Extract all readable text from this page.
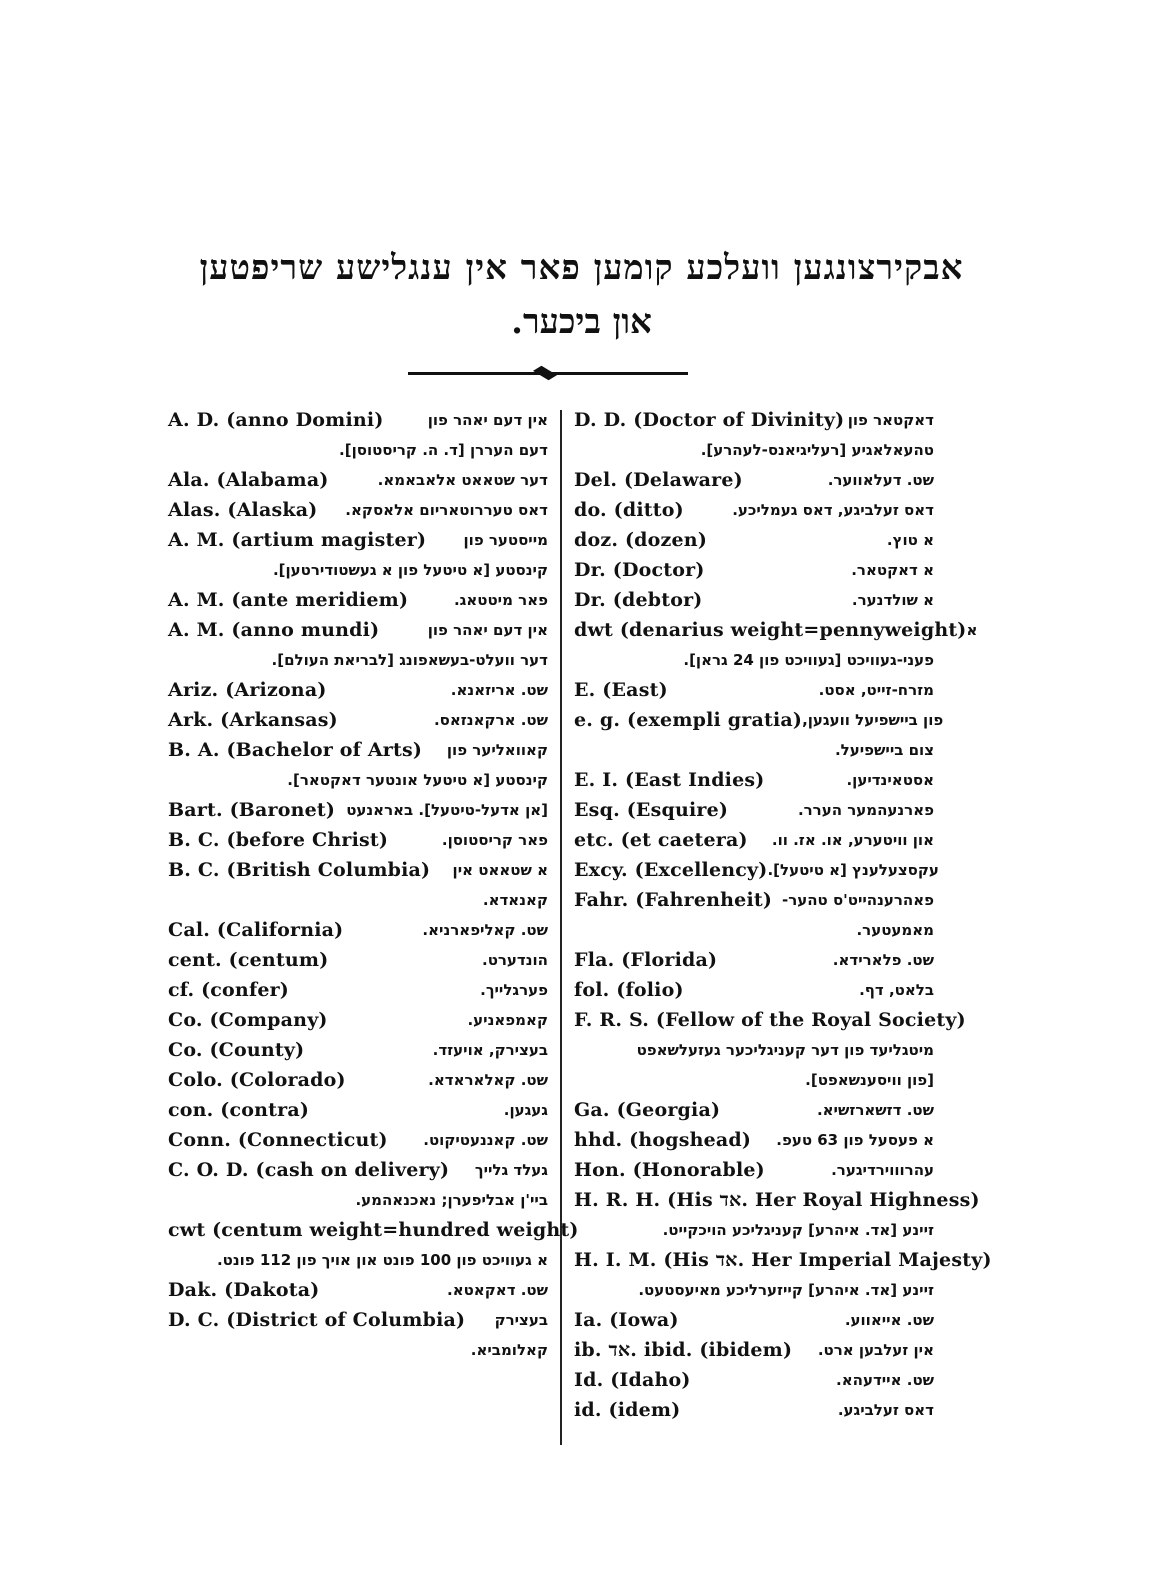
אבקירצונגען וועלכע קומען פאר אין ענגלישע שריפטען
און ביכער.
A. D. (anno Domini)	אין דעם יאהר פון
דעם העררן [ד. ה. קריסטוסן].
Ala. (Alabama)	דער שטאאט אלאבאמא.
Alas. (Alaska) דאס טעררוטאריום אלאסקא.
A. M. (artium magister) מייסטער פון
קינסטע [א טיטעל פון א געשטודירטען].
A. M. (ante meridiem)	פאר מיטטאג.
A. M. (anno mundi)	אין דעם יאהר פון
דער וועלט-בעשאפונג [לבריאת העולם].
Ariz. (Arizona)	שט. אריזאנא.
Ark. (Arkansas)	שט. ארקאנזאס.
B. A. (Bachelor of Arts) קאוואליער פון
קינסטע [א טיטעל אונטער דאקטאר].
Bart. (Baronet) [אן אדעל-טיטעל]. באראנעט
B. C. (before Christ)	פאר קריסטוסן.
B. C. (British Columbia) א שטאאט אין
קאנאדא.
Cal. (California)	שט. קאליפארניא.
cent. (centum)	הונדערט.
cf. (confer)	פערגלייך.
Co. (Company)	קאמפאניע.
Co. (County)	בעצירק, אויעזד.
Colo. (Colorado)	שט. קאלאראדא.
con. (contra)	געגען.
Conn. (Connecticut) שט. קאננעטיקוט.
C. O. D. (cash on delivery) געלד גלייך
ביי'ן אבליפערן; נאכנאהמע.
cwt (centum weight=hundred weight)
א געוויכט פון 100 פונט און אויך פון 112 פונט.
Dak. (Dakota)	שט. דאקאטא.
D. C. (District of Columbia) בעצירק
קאלומביא.
D. D. (Doctor of Divinity) דאקטאר פון
טהעאלאגיע [רעליגיאנס-לעהרע].
Del. (Delaware)	שט. דעלאווער.
do. (ditto)	דאס זעלביגע, דאס געמליכע.
doz. (dozen)	א טוץ.
Dr. (Doctor)	א דאקטאר.
Dr. (debtor)	א שולדנער.
dwt (denarius weight=pennyweight) א
פעני-געוויכט [געוויכט פון 24 גראן].
E. (East)	מזרח-זייט, אסט.
e. g. (exempli gratia) פון ביישפיעל וועגען,
צום ביישפיעל.
E. I. (East Indies)	אסטאינדיען.
Esq. (Esquire)	פארנעהמער הערר.
etc. (et caetera) און וויטערע, או. אז. וו.
Excy. (Excellency) עקסצעלענץ [א טיטעל].
Fahr. (Fahrenheit) פאהרענהייט'ס טהער-
מאמעטער.
Fla. (Florida)	שט. פלארידא.
fol. (folio)	בלאט, דף.
F. R. S. (Fellow of the Royal Society)
מיטגליעד פון דער קעניגליכער געזעלשאפט
[פון וויסענשאפט].
Ga. (Georgia)	שט. דזשארזשיא.
hhd. (hogshead) א פעסעל פון 63 טעפ.
Hon. (Honorable)	עהרוווירדיגער.
H. R. H. (His אד. Her Royal Highness)
זיינע [אד. איהרע] קעניגליכע הויכקייט.
H. I. M. (His אד. Her Imperial Majesty)
זיינע [אד. איהרע] קייזערליכע מאיעסטעט.
Ia. (Iowa)	שט. אייאווע.
ib. אד. ibid. (ibidem) אין זעלבען ארט.
Id. (Idaho)	שט. איידעהא.
id. (idem)	דאס זעלביגע.
